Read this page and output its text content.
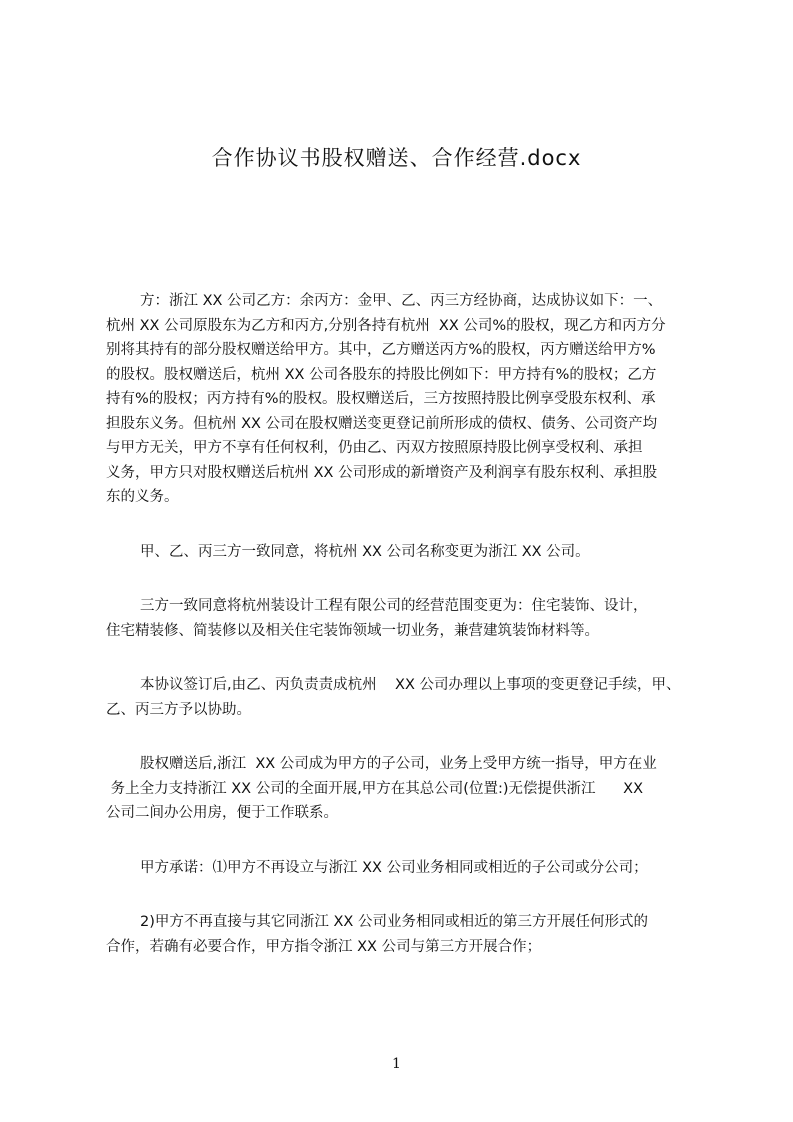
合作协议书股权赠送、合作经营.docx
方：浙江 XX 公司乙方：余丙方：金甲、乙、丙三方经协商，达成协议如下：一、
杭州 XX 公司原股东为乙方和丙方,分别各持有杭州  XX 公司%的股权，现乙方和丙方分
别将其持有的部分股权赠送给甲方。其中，乙方赠送丙方%的股权，丙方赠送给甲方%
的股权。股权赠送后，杭州 XX 公司各股东的持股比例如下：甲方持有%的股权；乙方
持有%的股权；丙方持有%的股权。股权赠送后，三方按照持股比例享受股东权利、承
担股东义务。但杭州 XX 公司在股权赠送变更登记前所形成的债权、债务、公司资产均
与甲方无关，甲方不享有任何权利，仍由乙、丙双方按照原持股比例享受权利、承担
义务，甲方只对股权赠送后杭州 XX 公司形成的新增资产及利润享有股东权利、承担股
东的义务。
甲、乙、丙三方一致同意，将杭州 XX 公司名称变更为浙江 XX 公司。
三方一致同意将杭州装设计工程有限公司的经营范围变更为：住宅装饰、设计，
住宅精装修、简装修以及相关住宅装饰领域一切业务，兼营建筑装饰材料等。
本协议签订后,由乙、丙负责责成杭州    XX 公司办理以上事项的变更登记手续，甲、
乙、丙三方予以协助。
股权赠送后,浙江  XX 公司成为甲方的子公司，业务上受甲方统一指导，甲方在业
务上全力支持浙江 XX 公司的全面开展,甲方在其总公司(位置:)无偿提供浙江      XX
公司二间办公用房，便于工作联系。
甲方承诺：⑴甲方不再设立与浙江 XX 公司业务相同或相近的子公司或分公司；
2)甲方不再直接与其它同浙江 XX 公司业务相同或相近的第三方开展任何形式的
合作，若确有必要合作，甲方指令浙江 XX 公司与第三方开展合作；
1
